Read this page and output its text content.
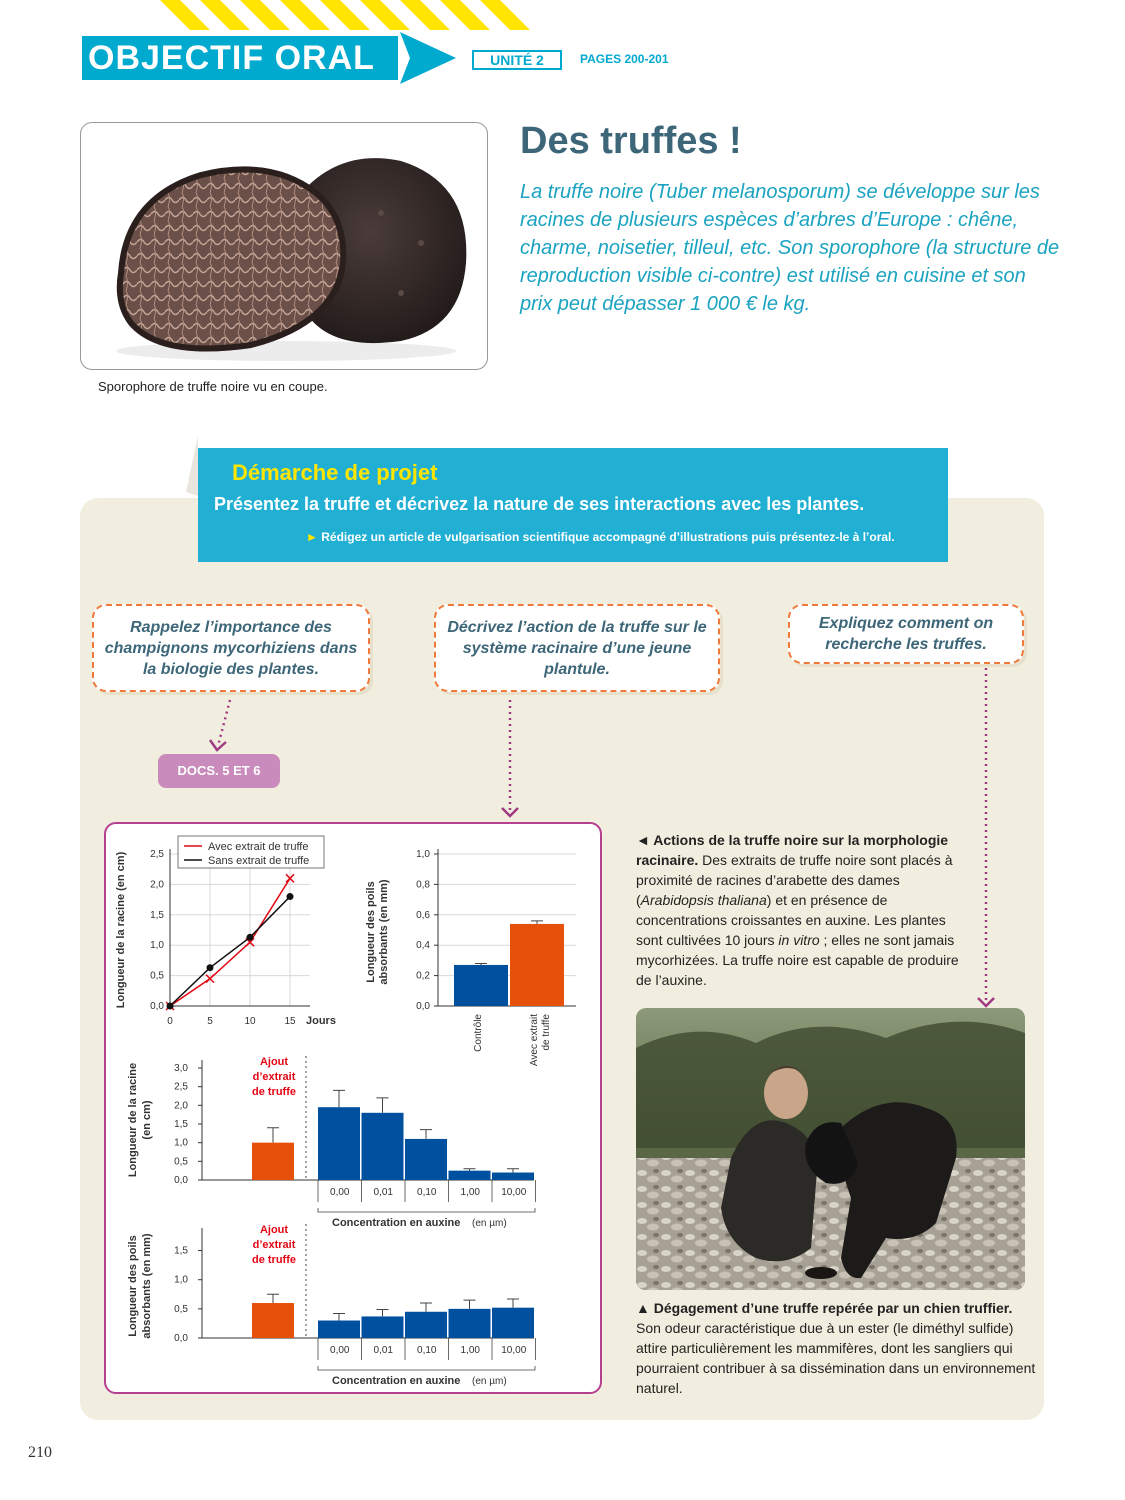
OBJECTIF ORAL	UNITÉ 2	PAGES 200-201
Sporophore de truffe noire vu en coupe.
Des truffes !

La truffe noire (Tuber melanosporum) se développe sur les racines de plusieurs espèces d’arbres d’Europe : chêne, charme, noisetier, tilleul, etc. Son sporophore (la structure de reproduction visible ci-contre) est utilisé en cuisine et son prix peut dépasser 1 000 € le kg.

Démarche de projet
Présentez la truffe et décrivez la nature de ses interactions avec les plantes.
► Rédigez un article de vulgarisation scientifique accompagné d’illustrations puis présentez-le à l’oral.
Rappelez l’importance des champignons mycorhiziens dans la biologie des plantes.
Décrivez l’action de la truffe sur le système racinaire d’une jeune plantule.
Expliquez comment on recherche les truffes.
DOCS. 5 ET 6
0,0
0,5
1,0
1,5
2,0
2,5
0	5	10	15 Jours
Longueur de la racine (en cm)
Avec extrait de truffe
Sans extrait de truffe
0,0
0,2
0,4
0,6
0,8
1,0
Contrôle	Avec extrait de truffe
Longueur des poils absorbants (en mm)
0,0
0,5
1,0
1,5
2,0
2,5
3,0
Ajout
d’extrait
de truffe
0,00 0,01 0,10 1,00 10,00
Concentration en auxine (en µm)
Longueur de la racine (en cm)
0,0
0,5
1,0
1,5
Ajout
d’extrait
de truffe
0,00 0,01 0,10 1,00 10,00
Concentration en auxine (en µm)
Longueur des poils absorbants (en mm)
◄ Actions de la truffe noire sur la morphologie racinaire. Des extraits de truffe noire sont placés à proximité de racines d’arabette des dames (Arabidopsis thaliana) et en présence de concentrations croissantes en auxine. Les plantes sont cultivées 10 jours in vitro ; elles ne sont jamais mycorhizées. La truffe noire est capable de produire de l’auxine.
▲ Dégagement d’une truffe repérée par un chien truffier. Son odeur caractéristique due à un ester (le diméthyl sulfide) attire particulièrement les mammifères, dont les sangliers qui pourraient contribuer à sa dissémination dans un environnement naturel.
210
